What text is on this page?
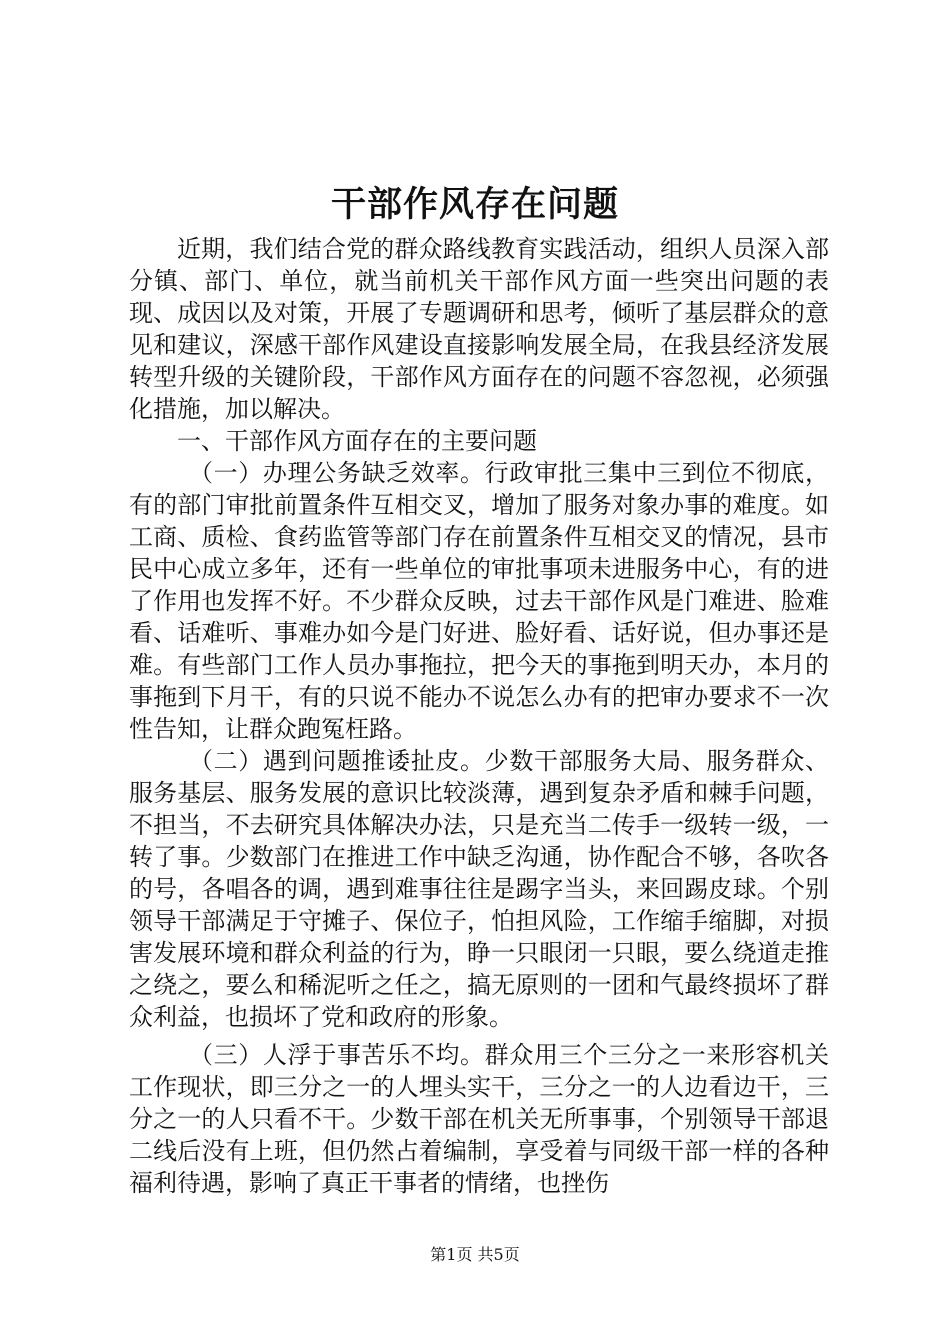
干部作风存在问题

近期，我们结合党的群众路线教育实践活动，组织人员深入部分镇、部门、单位，就当前机关干部作风方面一些突出问题的表现、成因以及对策，开展了专题调研和思考，倾听了基层群众的意见和建议，深感干部作风建设直接影响发展全局，在我县经济发展转型升级的关键阶段，干部作风方面存在的问题不容忽视，必须强化措施，加以解决。

一、干部作风方面存在的主要问题

（一）办理公务缺乏效率。行政审批三集中三到位不彻底，有的部门审批前置条件互相交叉，增加了服务对象办事的难度。如工商、质检、食药监管等部门存在前置条件互相交叉的情况，县市民中心成立多年，还有一些单位的审批事项未进服务中心，有的进了作用也发挥不好。不少群众反映，过去干部作风是门难进、脸难看、话难听、事难办如今是门好进、脸好看、话好说，但办事还是难。有些部门工作人员办事拖拉，把今天的事拖到明天办，本月的事拖到下月干，有的只说不能办不说怎么办有的把审办要求不一次性告知，让群众跑冤枉路。

（二）遇到问题推诿扯皮。少数干部服务大局、服务群众、服务基层、服务发展的意识比较淡薄，遇到复杂矛盾和棘手问题，不担当，不去研究具体解决办法，只是充当二传手一级转一级，一转了事。少数部门在推进工作中缺乏沟通，协作配合不够，各吹各的号，各唱各的调，遇到难事往往是踢字当头，来回踢皮球。个别领导干部满足于守摊子、保位子，怕担风险，工作缩手缩脚，对损害发展环境和群众利益的行为，睁一只眼闭一只眼，要么绕道走推之绕之，要么和稀泥听之任之，搞无原则的一团和气最终损坏了群众利益，也损坏了党和政府的形象。

（三）人浮于事苦乐不均。群众用三个三分之一来形容机关工作现状，即三分之一的人埋头实干，三分之一的人边看边干，三分之一的人只看不干。少数干部在机关无所事事，个别领导干部退二线后没有上班，但仍然占着编制，享受着与同级干部一样的各种福利待遇，影响了真正干事者的情绪，也挫伤

第1页 共5页
